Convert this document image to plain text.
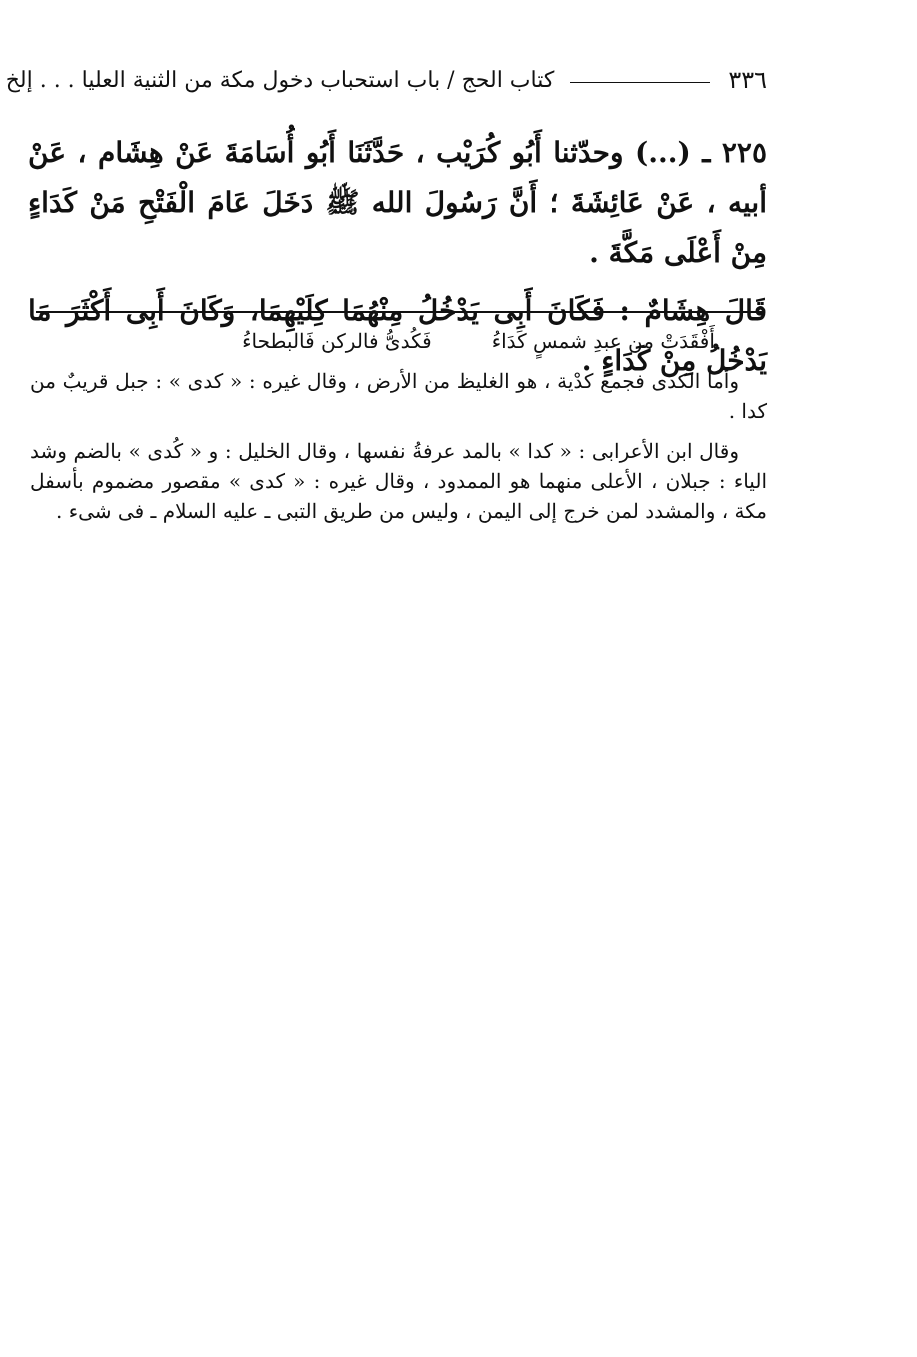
٣٣٦
كتاب الحج / باب استحباب دخول مكة من الثنية العليا . . . إلخ

٢٢٥ ـ (...) وحدّثنا أَبُو كُرَيْب ، حَدَّثَنَا أَبُو أُسَامَةَ عَنْ هِشَام ، عَنْ أبيه ، عَنْ عَائِشَةَ ؛ أَنَّ رَسُولَ الله ﷺ دَخَلَ عَامَ الْفَتْحِ مَنْ كَدَاءٍ مِنْ أَعْلَى مَكَّةَ .

قَالَ هِشَامٌ : فَكَانَ أَبِى يَدْخُلُ مِنْهُمَا كِلَيْهِمَا، وَكَانَ أَبِى أَكْثَرَ مَا يَدْخُلُ مِنْ كَدَاءٍ .

أَفْقَدَتْ من عبدِ شمسٍ كَدَاءُ
فَكُدىُّ فالركن فَالبطحاءُ

وأما الكدى فجمع كدْية ، هو الغليظ من الأرض ، وقال غيره : « كدى » : جبل قريبٌ من كدا .

وقال ابن الأعرابى : « كدا » بالمد عرفةُ نفسها ، وقال الخليل : و « كُدى » بالضم وشد الياء : جبلان ، الأعلى منهما هو الممدود ، وقال غيره : « كدى » مقصور مضموم بأسفل مكة ، والمشدد لمن خرج إلى اليمن ، وليس من طريق التبى ـ عليه السلام ـ فى شىء .
